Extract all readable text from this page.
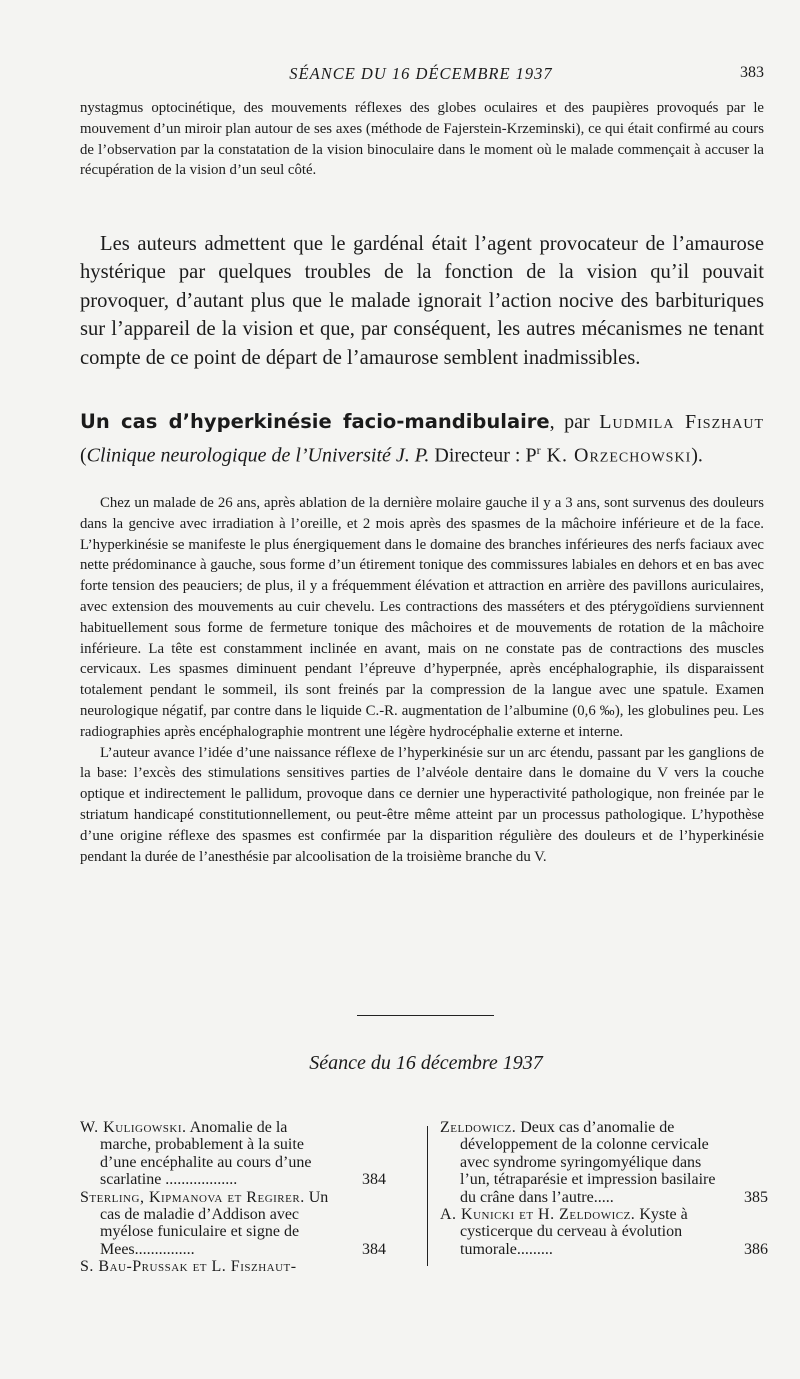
SÉANCE DU 16 DÉCEMBRE 1937	383
nystagmus optocinétique, des mouvements réflexes des globes oculaires et des paupières provoqués par le mouvement d’un miroir plan autour de ses axes (méthode de Fajerstein-Krzeminski), ce qui était confirmé au cours de l’observation par la constatation de la vision binoculaire dans le moment où le malade commençait à accuser la récupération de la vision d’un seul côté.

Les auteurs admettent que le gardénal était l’agent provocateur de l’amaurose hystérique par quelques troubles de la fonction de la vision qu’il pouvait provoquer, d’autant plus que le malade ignorait l’action nocive des barbituriques sur l’appareil de la vision et que, par conséquent, les autres mécanismes ne tenant compte de ce point de départ de l’amaurose semblent inadmissibles.

Un cas d’hyperkinésie facio-mandibulaire, par Ludmila Fiszhaut (Clinique neurologique de l’Université J. P. Directeur : $P^r$ K. Orzechowski).

Chez un malade de 26 ans, après ablation de la dernière molaire gauche il y a 3 ans, sont survenus des douleurs dans la gencive avec irradiation à l’oreille, et 2 mois après des spasmes de la mâchoire inférieure et de la face. L’hyperkinésie se manifeste le plus énergiquement dans le domaine des branches inférieures des nerfs faciaux avec nette prédominance à gauche, sous forme d’un étirement tonique des commissures labiales en dehors et en bas avec forte tension des peauciers; de plus, il y a fréquemment élévation et attraction en arrière des pavillons auriculaires, avec extension des mouvements au cuir chevelu. Les contractions des masséters et des ptérygoïdiens surviennent habituellement sous forme de fermeture tonique des mâchoires et de mouvements de rotation de la mâchoire inférieure. La tête est constamment inclinée en avant, mais on ne constate pas de contractions des muscles cervicaux. Les spasmes diminuent pendant l’épreuve d’hyperpnée, après encéphalographie, ils disparaissent totalement pendant le sommeil, ils sont freinés par la compression de la langue avec une spatule. Examen neurologique négatif, par contre dans le liquide C.-R. augmentation de l’albumine (0,6 ‰), les globulines peu. Les radiographies après encéphalographie montrent une légère hydrocéphalie externe et interne.

L’auteur avance l’idée d’une naissance réflexe de l’hyperkinésie sur un arc étendu, passant par les ganglions de la base: l’excès des stimulations sensitives parties de l’alvéole dentaire dans le domaine du V vers la couche optique et indirectement le pallidum, provoque dans ce dernier une hyperactivité pathologique, non freinée par le striatum handicapé constitutionnellement, ou peut-être même atteint par un processus pathologique. L’hypothèse d’une origine réflexe des spasmes est confirmée par la disparition régulière des douleurs et de l’hyperkinésie pendant la durée de l’anesthésie par alcoolisation de la troisième branche du V.

Séance du 16 décembre 1937
W. Kuligowski. Anomalie de la marche, probablement à la suite d’une encéphalite au cours d’une scarlatine ..................	384
Sterling, Kipmanova et Regirer. Un cas de maladie d’Addison avec myélose funiculaire et signe de Mees...............	384
S. Bau-Prussak et L. Fiszhaut-
Zeldowicz. Deux cas d’anomalie de développement de la colonne cervicale avec syndrome syringomyélique dans l’un, tétraparésie et impression basilaire du crâne dans l’autre.....	385
A. Kunicki et H. Zeldowicz. Kyste à cysticerque du cerveau à évolution tumorale.........	386
